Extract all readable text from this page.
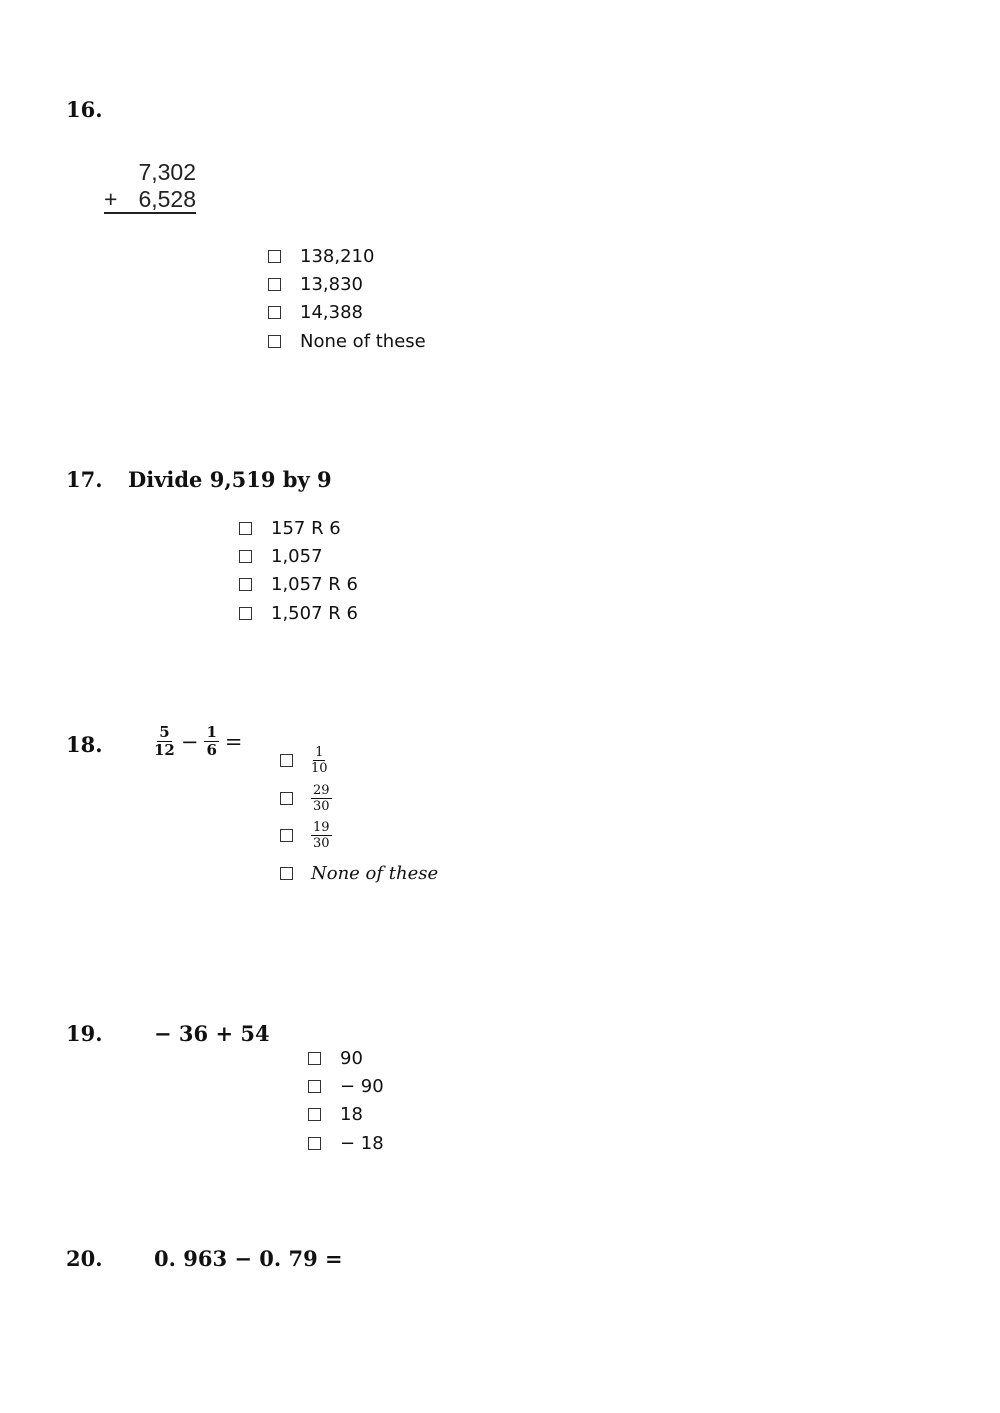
16.
7,302
+ 6,528
138,210
13,830
14,388
None of these
17. Divide 9,519 by 9
157 R 6
1,057
1,057 R 6
1,507 R 6
18.	$\frac{5}{12} - \frac{1}{6}$ =
$\frac{1}{10}$
$\frac{29}{30}$
$\frac{19}{30}$
None of these
19. − 36 + 54
90
− 90
18
− 18
20. 0. 963 − 0. 79 =
